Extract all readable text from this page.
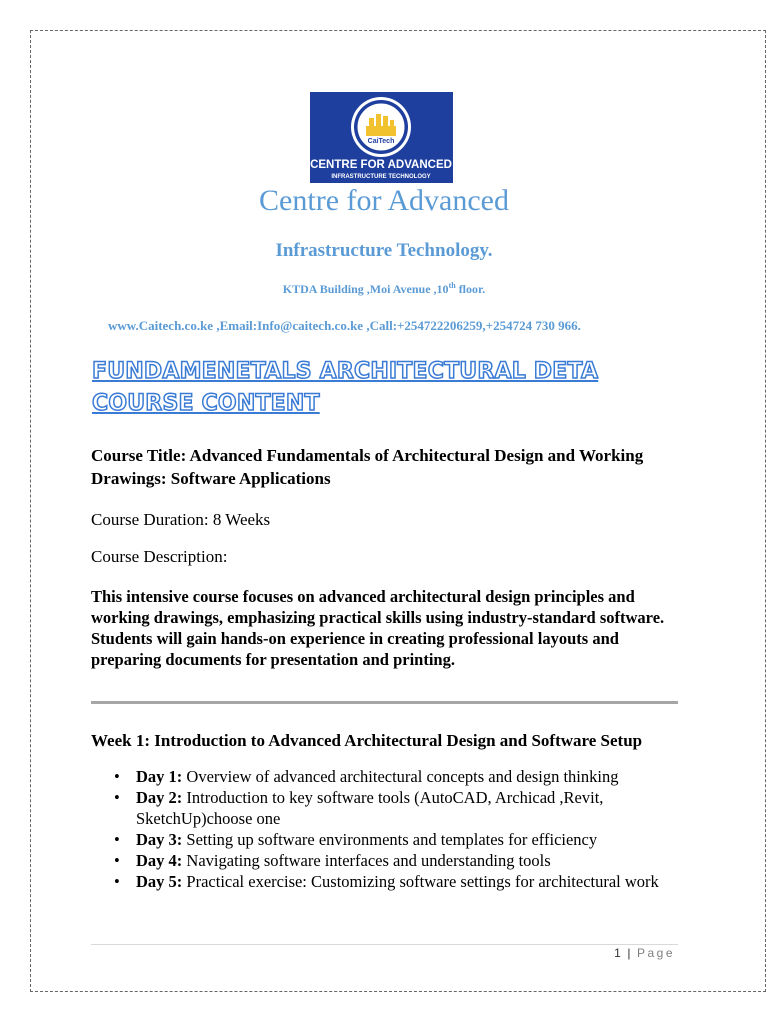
CaiTech
CENTRE FOR ADVANCED
INFRASTRUCTURE TECHNOLOGY
Centre for Advanced
Infrastructure Technology.
KTDA Building ,Moi Avenue ,10th floor.
www.Caitech.co.ke ,Email:Info@caitech.co.ke ,Call:+254722206259,+254724 730 966.
FUNDAMENETALS ARCHITECTURAL DETA
COURSE CONTENT
Course Title: Advanced Fundamentals of Architectural Design and Working Drawings: Software Applications
Course Duration: 8 Weeks
Course Description:
This intensive course focuses on advanced architectural design principles and working drawings, emphasizing practical skills using industry-standard software. Students will gain hands-on experience in creating professional layouts and preparing documents for presentation and printing.
Week 1: Introduction to Advanced Architectural Design and Software Setup
• Day 1: Overview of advanced architectural concepts and design thinking
• Day 2: Introduction to key software tools (AutoCAD, Archicad ,Revit, SketchUp)choose one
• Day 3: Setting up software environments and templates for efficiency
• Day 4: Navigating software interfaces and understanding tools
• Day 5: Practical exercise: Customizing software settings for architectural work
1 | Page
